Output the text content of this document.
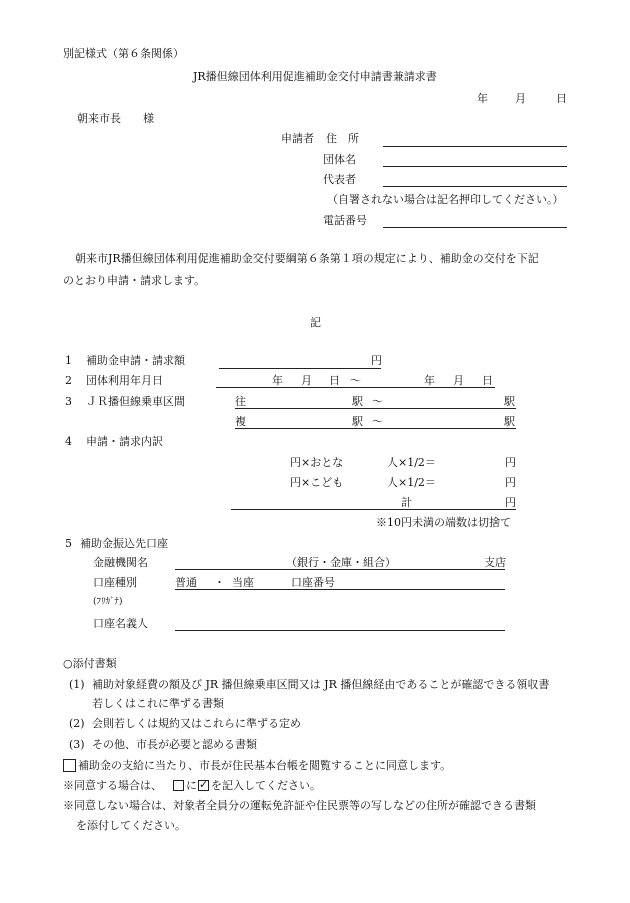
別記様式（第６条関係）
JR播但線団体利用促進補助金交付申請書兼請求書
年 月	日
朝来市長　　様
申請者 住　所
団体名
代表者
（自署されない場合は記名押印してください。）
電話番号
朝来市JR播但線団体利用促進補助金交付要綱第６条第１項の規定により、補助金の交付を下記
のとおり申請・請求します。
記
1 補助金申請・請求額	円
2 団体利用年月日	年 月 日 ～	年 月 日
3 ＪＲ播但線乗車区間	往	駅 ～	駅
複	駅 ～	駅
4 申請・請求内訳
円×おとな	人×1/2＝	円
円×こども	人×1/2＝	円
計	円
※10円未満の端数は切捨て
5 補助金振込先口座
金融機関名	（銀行・金庫・組合）	支店
口座種別	普通 ・ 当座	口座番号
(ﾌﾘｶﾞﾅ)
口座名義人
○添付書類
(1) 補助対象経費の額及び JR 播但線乗車区間又は JR 播但線経由であることが確認できる領収書
若しくはこれに準ずる書類
(2) 会則若しくは規約又はこれらに準ずる定め
(3) その他、市長が必要と認める書類
補助金の支給に当たり、市長が住民基本台帳を閲覧することに同意します。
※同意する場合は、 に ✓ を記入してください。
※同意しない場合は、対象者全員分の運転免許証や住民票等の写しなどの住所が確認できる書類
を添付してください。
